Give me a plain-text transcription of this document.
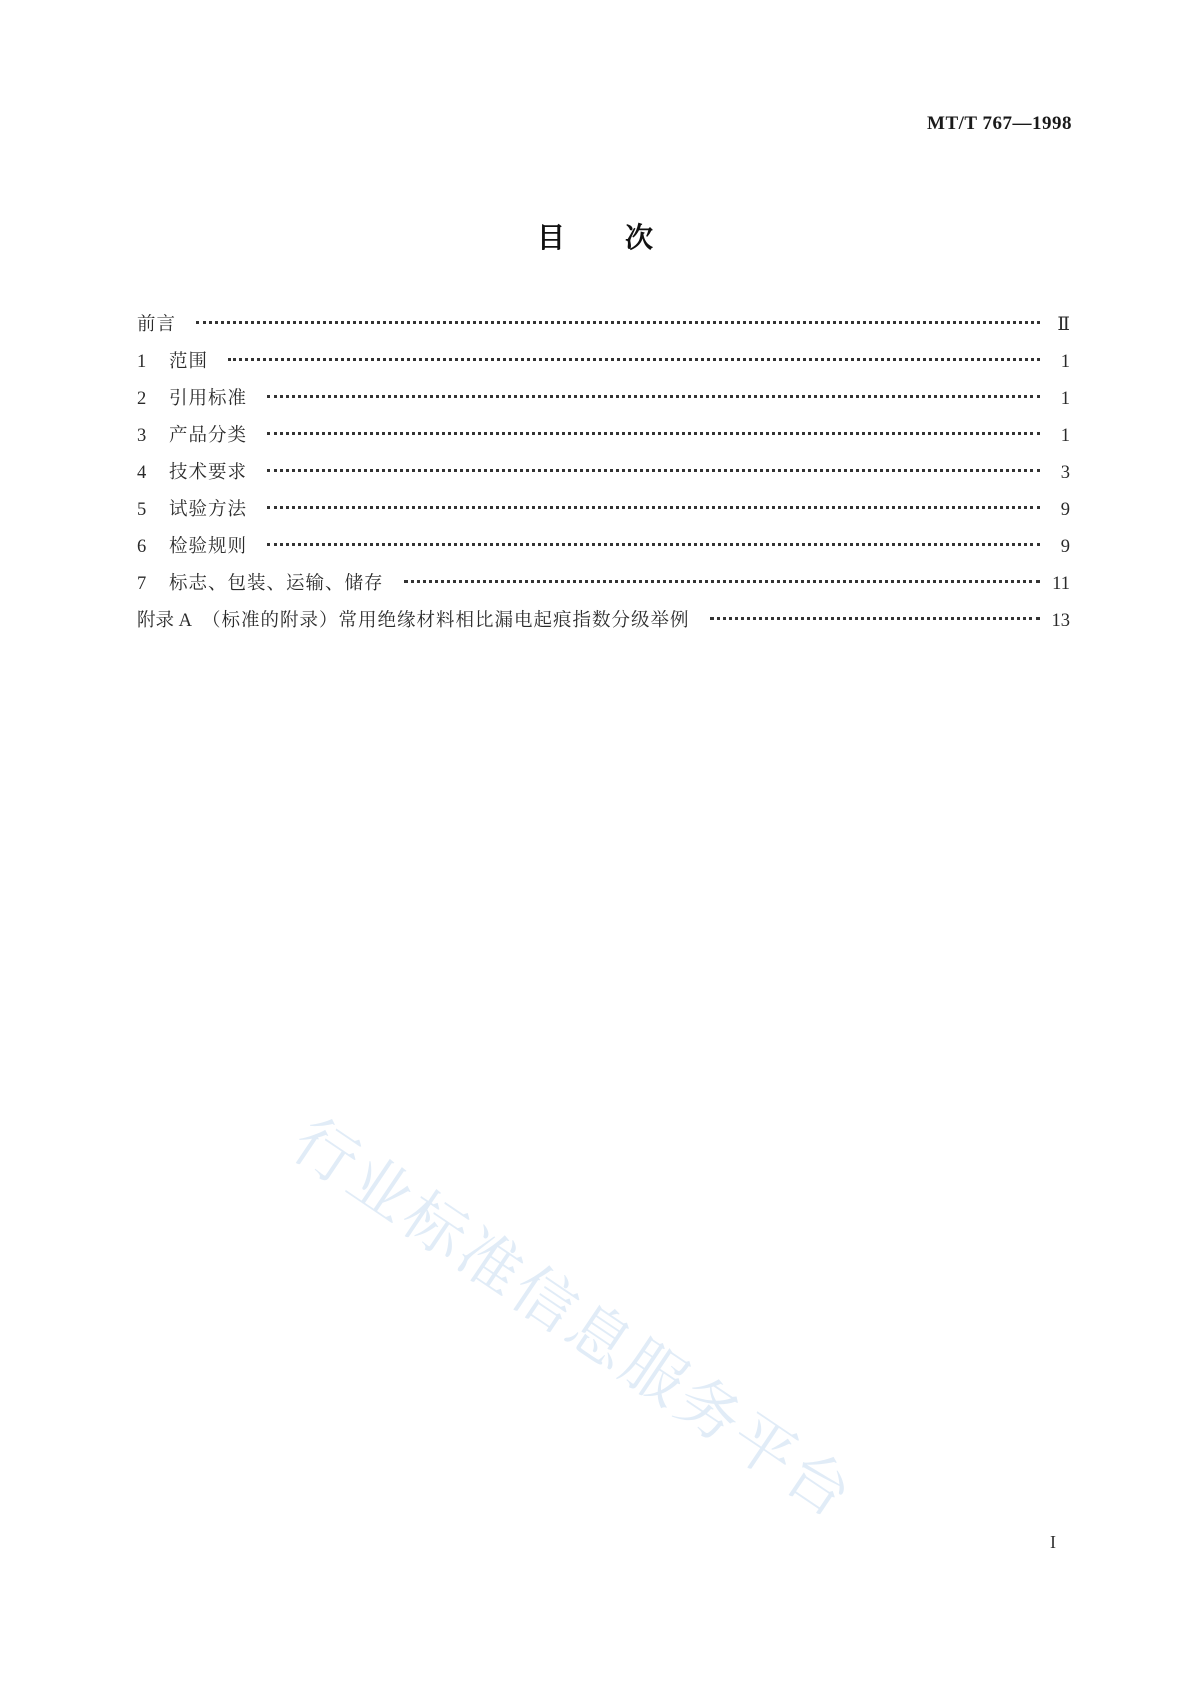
MT/T 767—1998
目次
前言	Ⅱ
1	范围	1
2	引用标准	1
3	产品分类	1
4	技术要求	3
5	试验方法	9
6	检验规则	9
7	标志、包装、运输、储存	11
附录 A （标准的附录）常用绝缘材料相比漏电起痕指数分级举例	13
行业标准信息服务平台
I
